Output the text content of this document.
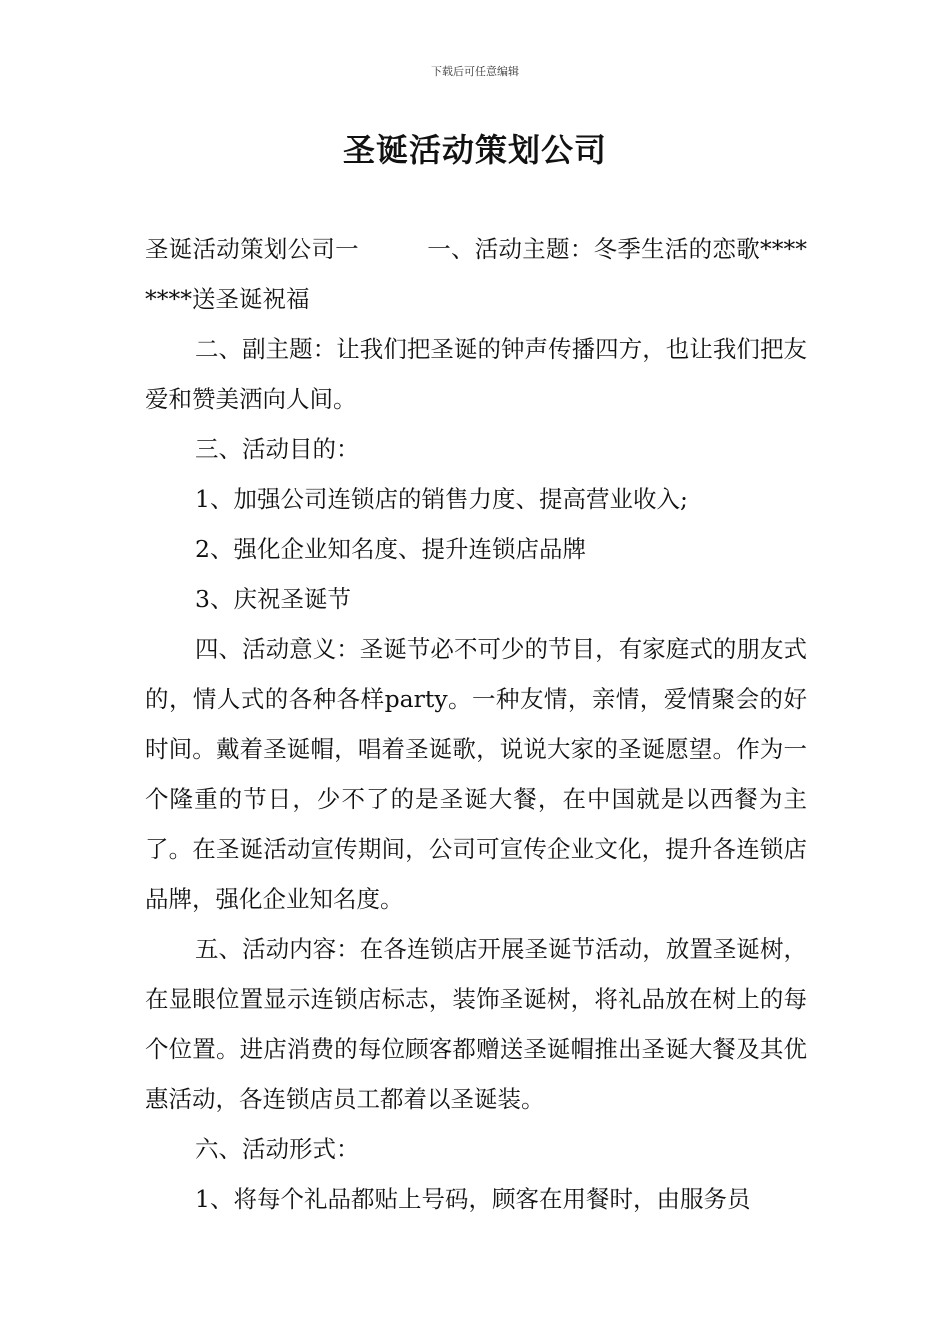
下载后可任意编辑
圣诞活动策划公司

圣诞活动策划公司一	一、活动主题：冬季生活的恋歌********送圣诞祝福

二、副主题：让我们把圣诞的钟声传播四方，也让我们把友爱和赞美洒向人间。

三、活动目的：

1、加强公司连锁店的销售力度、提高营业收入;

2、强化企业知名度、提升连锁店品牌

3、庆祝圣诞节

四、活动意义：圣诞节必不可少的节目，有家庭式的朋友式的，情人式的各种各样party。一种友情，亲情，爱情聚会的好时间。戴着圣诞帽，唱着圣诞歌，说说大家的圣诞愿望。作为一个隆重的节日，少不了的是圣诞大餐，在中国就是以西餐为主了。在圣诞活动宣传期间，公司可宣传企业文化，提升各连锁店品牌，强化企业知名度。

五、活动内容：在各连锁店开展圣诞节活动，放置圣诞树，在显眼位置显示连锁店标志，装饰圣诞树，将礼品放在树上的每个位置。进店消费的每位顾客都赠送圣诞帽推出圣诞大餐及其优惠活动，各连锁店员工都着以圣诞装。

六、活动形式：

1、将每个礼品都贴上号码，顾客在用餐时，由服务员
